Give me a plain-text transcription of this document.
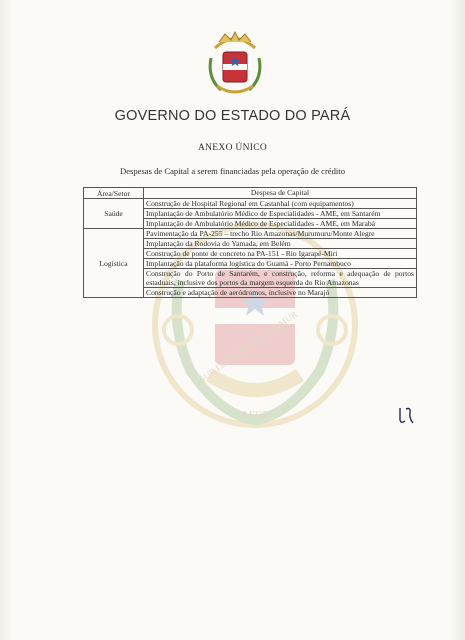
SUB LEGE PROGREDIAMUR
LEGE
GOVERNO DO ESTADO DO PARÁ
ANEXO ÚNICO
Despesas de Capital a serem financiadas pela operação de crédito
Área/Setor	Despesa de Capital
Saúde	Construção de Hospital Regional em Castanhal (com equipamentos)
	Implantação de Ambulatório Médico de Especialidades - AME, em Santarém
	Implantação de Ambulatório Médico de Especialidades - AME, em Marabá
Logística	Pavimentação da PA-255 – trecho Rio Amazonas/Murumuru/Monte Alegre
	Implantação da Rodovia do Yamada, em Belém
	Construção de ponte de concreto na PA-151 - Rio Igarapé-Miri
	Implantação da plataforma logística do Guamá - Porto Pernambuco
	Construção do Porto de Santarém, e construção, reforma e adequação de portos estaduais, inclusive dos portos da margem esquerda do Rio Amazonas
	Construção e adaptação de aeródromos, inclusive no Marajó
